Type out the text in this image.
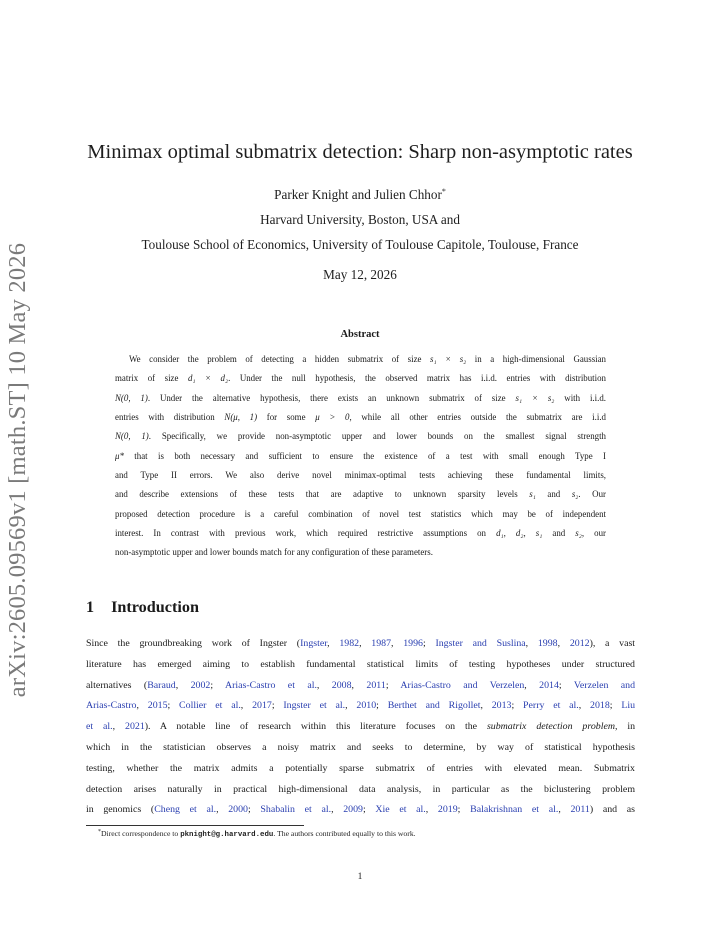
arXiv:2605.09569v1 [math.ST] 10 May 2026
Minimax optimal submatrix detection: Sharp non-asymptotic rates
Parker Knight and Julien Chhor*
Harvard University, Boston, USA and
Toulouse School of Economics, University of Toulouse Capitole, Toulouse, France
May 12, 2026
Abstract
We consider the problem of detecting a hidden submatrix of size s₁ × s₂ in a high-dimensional Gaussian
matrix of size d₁ × d₂. Under the null hypothesis, the observed matrix has i.i.d. entries with distribution
N(0, 1). Under the alternative hypothesis, there exists an unknown submatrix of size s₁ × s₂ with i.i.d.
entries with distribution N(μ, 1) for some μ > 0, while all other entries outside the submatrix are i.i.d
N(0, 1). Specifically, we provide non-asymptotic upper and lower bounds on the smallest signal strength
μ* that is both necessary and sufficient to ensure the existence of a test with small enough Type I
and Type II errors. We also derive novel minimax-optimal tests achieving these fundamental limits,
and describe extensions of these tests that are adaptive to unknown sparsity levels s₁ and s₂. Our
proposed detection procedure is a careful combination of novel test statistics which may be of independent
interest. In contrast with previous work, which required restrictive assumptions on d₁, d₂, s₁ and s₂, our
non-asymptotic upper and lower bounds match for any configuration of these parameters.
1 Introduction
Since the groundbreaking work of Ingster (Ingster, 1982, 1987, 1996; Ingster and Suslina, 1998, 2012), a vast
literature has emerged aiming to establish fundamental statistical limits of testing hypotheses under structured
alternatives (Baraud, 2002; Arias-Castro et al., 2008, 2011; Arias-Castro and Verzelen, 2014; Verzelen and
Arias-Castro, 2015; Collier et al., 2017; Ingster et al., 2010; Berthet and Rigollet, 2013; Perry et al., 2018; Liu
et al., 2021). A notable line of research within this literature focuses on the submatrix detection problem, in
which in the statistician observes a noisy matrix and seeks to determine, by way of statistical hypothesis
testing, whether the matrix admits a potentially sparse submatrix of entries with elevated mean. Submatrix
detection arises naturally in practical high-dimensional data analysis, in particular as the biclustering problem
in genomics (Cheng et al., 2000; Shabalin et al., 2009; Xie et al., 2019; Balakrishnan et al., 2011) and as
*Direct correspondence to pknight@g.harvard.edu. The authors contributed equally to this work.
1
